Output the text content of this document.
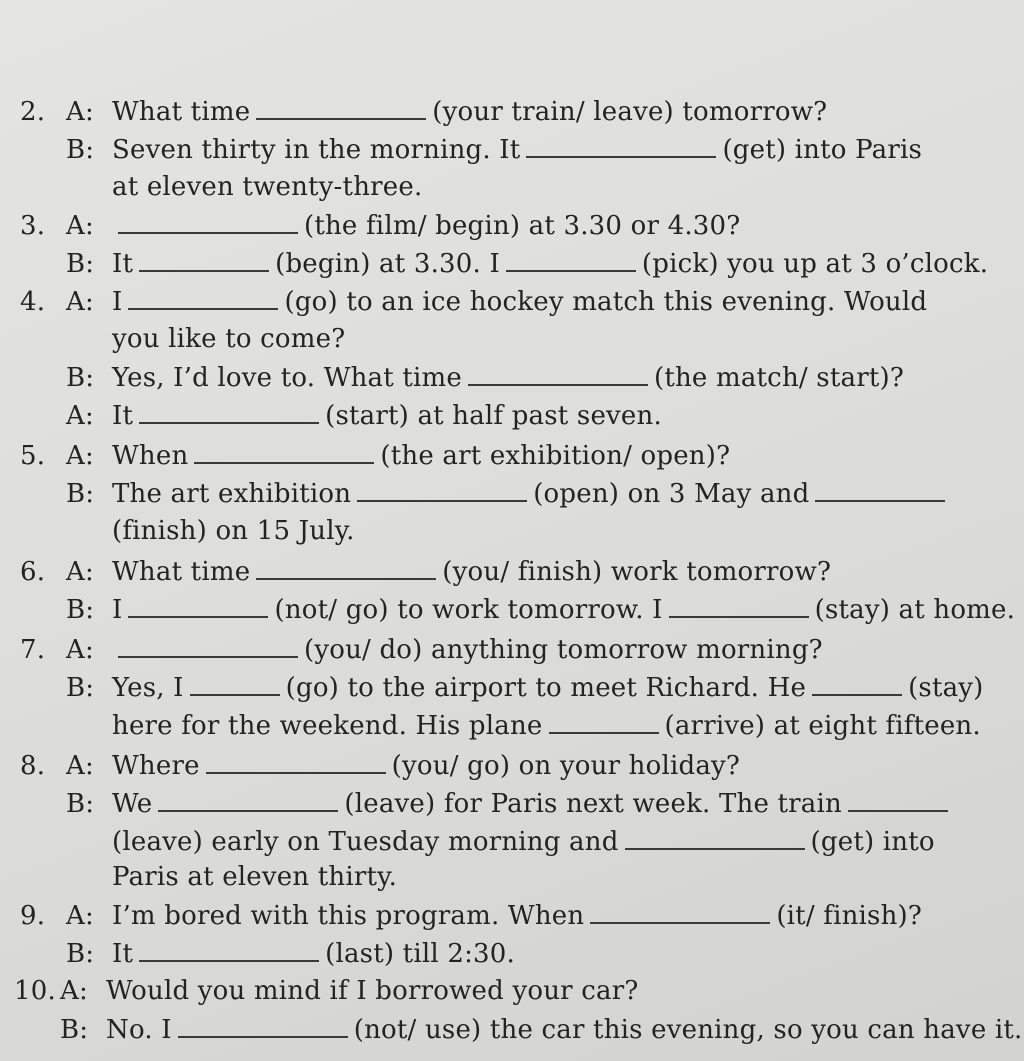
2. A: What time	(your train/ leave) tomorrow?
B: Seven thirty in the morning. It	(get) into Paris
at eleven twenty-three.
3. A:	(the film/ begin) at 3.30 or 4.30?
B: It	(begin) at 3.30. I	(pick) you up at 3 o’clock.
4. A: I	(go) to an ice hockey match this evening. Would
you like to come?
B: Yes, I’d love to. What time	(the match/ start)?
A: It	(start) at half past seven.
5. A: When	(the art exhibition/ open)?
B: The art exhibition	(open) on 3 May and
(finish) on 15 July.
6. A: What time	(you/ finish) work tomorrow?
B: I	(not/ go) to work tomorrow. I	(stay) at home.
7. A:	(you/ do) anything tomorrow morning?
B: Yes, I	(go) to the airport to meet Richard. He	(stay)
here for the weekend. His plane	(arrive) at eight fifteen.
8. A: Where	(you/ go) on your holiday?
B: We	(leave) for Paris next week. The train
(leave) early on Tuesday morning and	(get) into
Paris at eleven thirty.
9. A: I’m bored with this program. When	(it/ finish)?
B: It	(last) till 2:30.
10. A: Would you mind if I borrowed your car?
B: No. I	(not/ use) the car this evening, so you can have it.
